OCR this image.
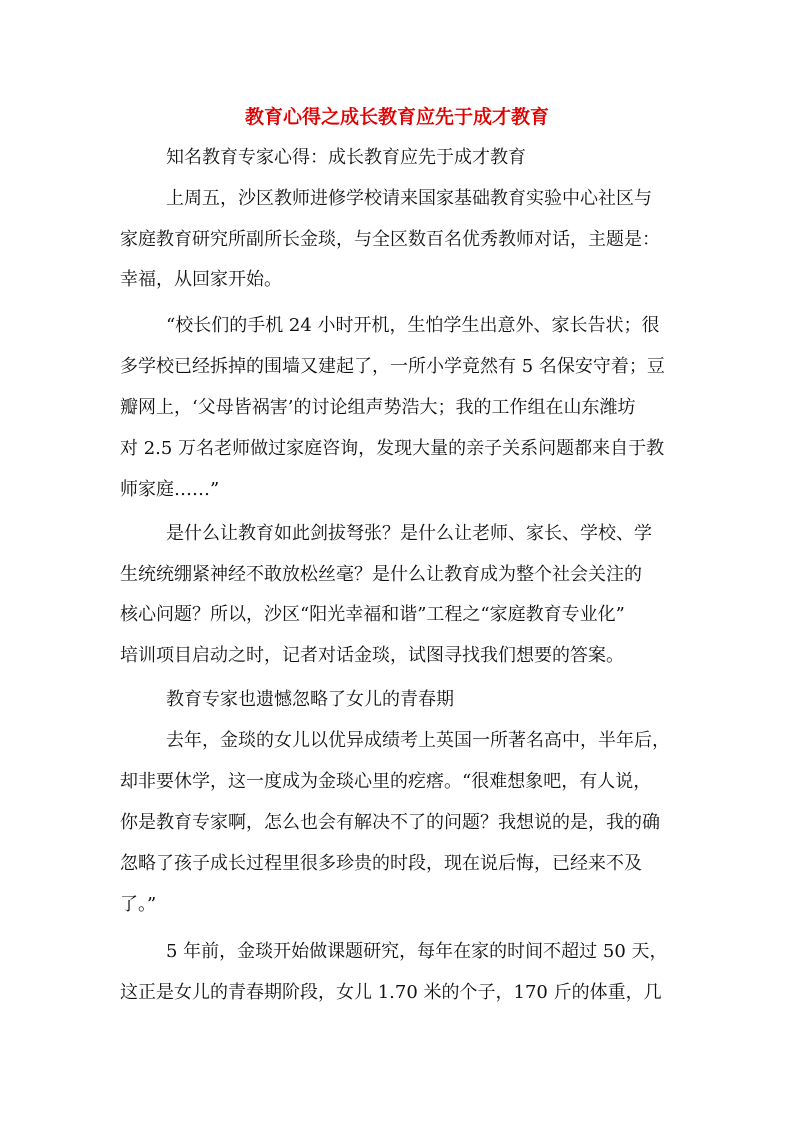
教育心得之成长教育应先于成才教育
知名教育专家心得：成长教育应先于成才教育
上周五，沙区教师进修学校请来国家基础教育实验中心社区与
家庭教育研究所副所长金琰，与全区数百名优秀教师对话，主题是：
幸福，从回家开始。
“校长们的手机 24 小时开机，生怕学生出意外、家长告状；很
多学校已经拆掉的围墙又建起了，一所小学竟然有 5 名保安守着；豆
瓣网上，‘父母皆祸害’的讨论组声势浩大；我的工作组在山东潍坊
对 2.5 万名老师做过家庭咨询，发现大量的亲子关系问题都来自于教
师家庭……”
是什么让教育如此剑拔弩张？是什么让老师、家长、学校、学
生统统绷紧神经不敢放松丝毫？是什么让教育成为整个社会关注的
核心问题？所以，沙区“阳光幸福和谐”工程之“家庭教育专业化”
培训项目启动之时，记者对话金琰，试图寻找我们想要的答案。
教育专家也遗憾忽略了女儿的青春期
去年，金琰的女儿以优异成绩考上英国一所著名高中，半年后，
却非要休学，这一度成为金琰心里的疙瘩。“很难想象吧，有人说，
你是教育专家啊，怎么也会有解决不了的问题？我想说的是，我的确
忽略了孩子成长过程里很多珍贵的时段，现在说后悔，已经来不及
了。”
5 年前，金琰开始做课题研究，每年在家的时间不超过 50 天，
这正是女儿的青春期阶段，女儿 1.70 米的个子，170 斤的体重，几
